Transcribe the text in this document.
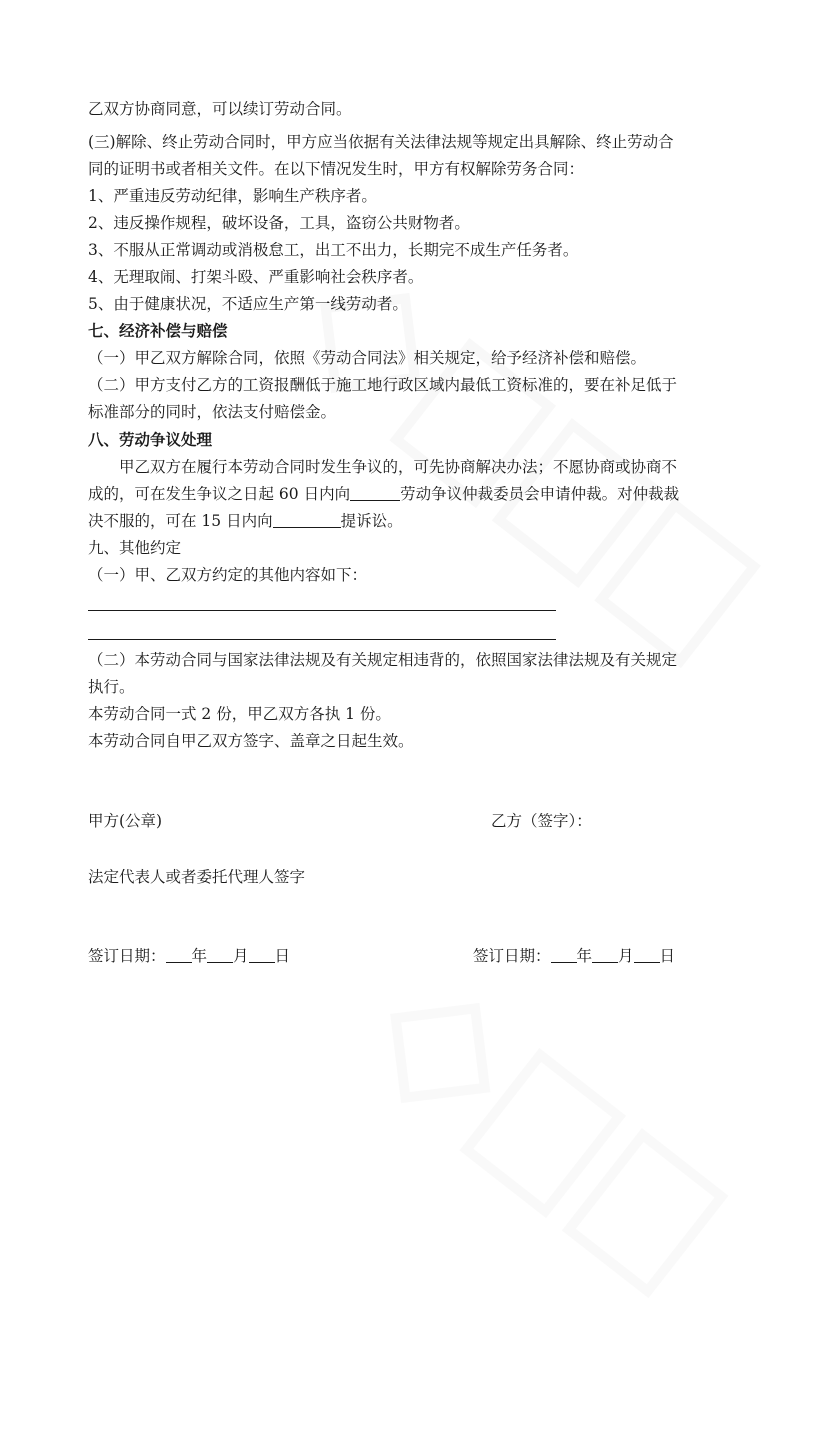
乙双方协商同意，可以续订劳动合同。
(三)解除、终止劳动合同时，甲方应当依据有关法律法规等规定出具解除、终止劳动合
同的证明书或者相关文件。在以下情况发生时，甲方有权解除劳务合同：
1、严重违反劳动纪律，影响生产秩序者。
2、违反操作规程，破坏设备，工具，盗窃公共财物者。
3、不服从正常调动或消极怠工，出工不出力，长期完不成生产任务者。
4、无理取闹、打架斗殴、严重影响社会秩序者。
5、由于健康状况，不适应生产第一线劳动者。
七、经济补偿与赔偿
（一）甲乙双方解除合同，依照《劳动合同法》相关规定，给予经济补偿和赔偿。
（二）甲方支付乙方的工资报酬低于施工地行政区域内最低工资标准的，要在补足低于
标准部分的同时，依法支付赔偿金。
八、劳动争议处理
甲乙双方在履行本劳动合同时发生争议的，可先协商解决办法；不愿协商或协商不
成的，可在发生争议之日起 60 日内向	劳动争议仲裁委员会申请仲裁。对仲裁裁
决不服的，可在 15 日内向	提诉讼。
九、其他约定
（一）甲、乙双方约定的其他内容如下：
（二）本劳动合同与国家法律法规及有关规定相违背的，依照国家法律法规及有关规定
执行。
本劳动合同一式 2 份，甲乙双方各执 1 份。
本劳动合同自甲乙双方签字、盖章之日起生效。
甲方(公章)	乙方（签字）：
法定代表人或者委托代理人签字
签订日期： 年 月 日	签订日期： 年 月 日
